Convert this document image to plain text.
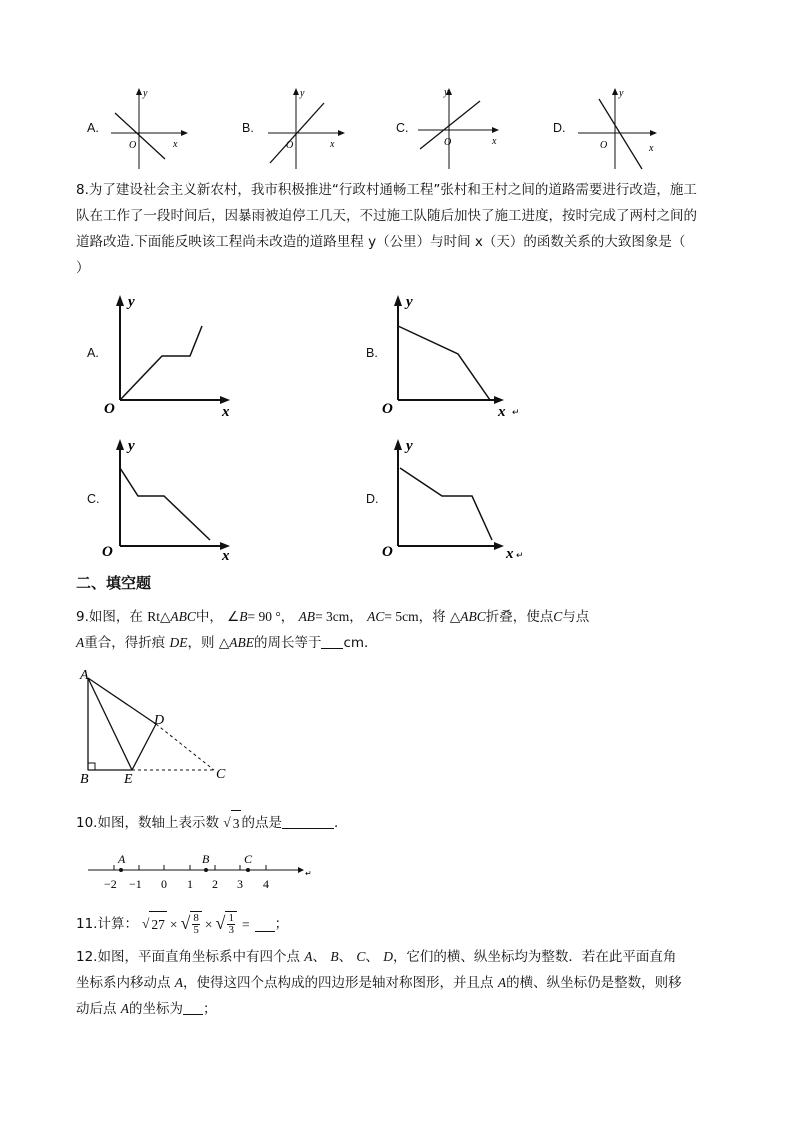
A.
y
x
O
B.
y
x
O
C.
y
x
O
D.
y
x
O
8.为了建设社会主义新农村，我市积极推进“行政村通畅工程”张村和王村之间的道路需要进行改造，施工
队在工作了一段时间后，因暴雨被迫停工几天，不过施工队随后加快了施工进度，按时完成了两村之间的
道路改造.下面能反映该工程尚未改造的道路里程 y（公里）与时间 x（天）的函数关系的大致图象是（
）
A.
y
x
O
B.
y
x ↵
O
C.
y
x
O
D.
y
x ↵
O
二、填空题
9.如图，在 Rt△ABC中， ∠B= 90 °， AB= 3cm， AC= 5cm，将 △ABC折叠，使点C与点
A重合，得折痕 DE，则 △ABE的周长等于 cm．
A
B	C
D
E
10.如图，数轴上表示数 √ 3 的点是	．
↵
A	B	C
−2 −1 0 1 2 3 4
11.计算： √ 27 × √ $\frac{8}{5}$ × √ $\frac{1}{3}$ = ；
12.如图，平面直角坐标系中有四个点 A、 B、 C、 D，它们的横、纵坐标均为整数．若在此平面直角
坐标系内移动点 A，使得这四个点构成的四边形是轴对称图形，并且点 A的横、纵坐标仍是整数，则移
动后点 A的坐标为 ；
